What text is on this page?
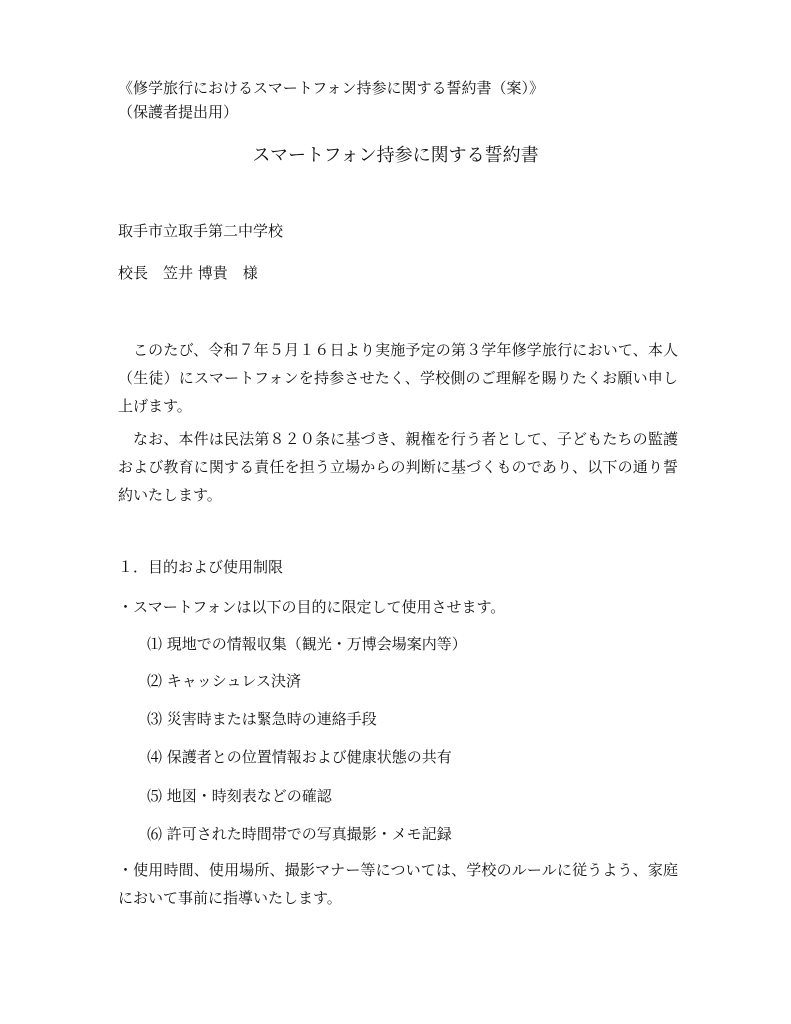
《修学旅行におけるスマートフォン持参に関する誓約書（案）》
（保護者提出用）
スマートフォン持参に関する誓約書
取手市立取手第二中学校
校長　笠井 博貴　様
このたび、令和７年５月１６日より実施予定の第３学年修学旅行において、本人（生徒）にスマートフォンを持参させたく、学校側のご理解を賜りたくお願い申し上げます。
なお、本件は民法第８２０条に基づき、親権を行う者として、子どもたちの監護および教育に関する責任を担う立場からの判断に基づくものであり、以下の通り誓約いたします。
１．目的および使用制限
・スマートフォンは以下の目的に限定して使用させます。
⑴ 現地での情報収集（観光・万博会場案内等）
⑵ キャッシュレス決済
⑶ 災害時または緊急時の連絡手段
⑷ 保護者との位置情報および健康状態の共有
⑸ 地図・時刻表などの確認
⑹ 許可された時間帯での写真撮影・メモ記録
・使用時間、使用場所、撮影マナー等については、学校のルールに従うよう、家庭において事前に指導いたします。
